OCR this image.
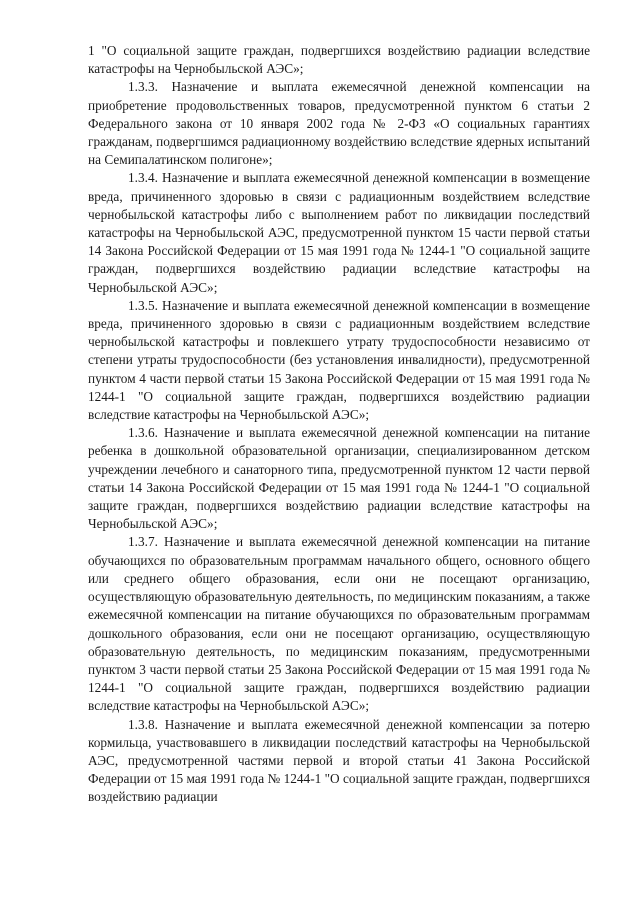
1 "О социальной защите граждан, подвергшихся воздействию радиации вследствие катастрофы на Чернобыльской АЭС»;

1.3.3. Назначение и выплата ежемесячной денежной компенсации на приобретение продовольственных товаров, предусмотренной пунктом 6 статьи 2 Федерального закона от 10 января 2002 года № 2-ФЗ «О социальных гарантиях гражданам, подвергшимся радиационному воздействию вследствие ядерных испытаний на Семипалатинском полигоне»;

1.3.4. Назначение и выплата ежемесячной денежной компенсации в возмещение вреда, причиненного здоровью в связи с радиационным воздействием вследствие чернобыльской катастрофы либо с выполнением работ по ликвидации последствий катастрофы на Чернобыльской АЭС, предусмотренной пунктом 15 части первой статьи 14 Закона Российской Федерации от 15 мая 1991 года № 1244-1 "О социальной защите граждан, подвергшихся воздействию радиации вследствие катастрофы на Чернобыльской АЭС»;

1.3.5. Назначение и выплата ежемесячной денежной компенсации в возмещение вреда, причиненного здоровью в связи с радиационным воздействием вследствие чернобыльской катастрофы и повлекшего утрату трудоспособности независимо от степени утраты трудоспособности (без установления инвалидности), предусмотренной пунктом 4 части первой статьи 15 Закона Российской Федерации от 15 мая 1991 года № 1244-1 "О социальной защите граждан, подвергшихся воздействию радиации вследствие катастрофы на Чернобыльской АЭС»;

1.3.6. Назначение и выплата ежемесячной денежной компенсации на питание ребенка в дошкольной образовательной организации, специализированном детском учреждении лечебного и санаторного типа, предусмотренной пунктом 12 части первой статьи 14 Закона Российской Федерации от 15 мая 1991 года № 1244-1 "О социальной защите граждан, подвергшихся воздействию радиации вследствие катастрофы на Чернобыльской АЭС»;

1.3.7. Назначение и выплата ежемесячной денежной компенсации на питание обучающихся по образовательным программам начального общего, основного общего или среднего общего образования, если они не посещают организацию, осуществляющую образовательную деятельность, по медицинским показаниям, а также ежемесячной компенсации на питание обучающихся по образовательным программам дошкольного образования, если они не посещают организацию, осуществляющую образовательную деятельность, по медицинским показаниям, предусмотренными пунктом 3 части первой статьи 25 Закона Российской Федерации от 15 мая 1991 года № 1244-1 "О социальной защите граждан, подвергшихся воздействию радиации вследствие катастрофы на Чернобыльской АЭС»;

1.3.8. Назначение и выплата ежемесячной денежной компенсации за потерю кормильца, участвовавшего в ликвидации последствий катастрофы на Чернобыльской АЭС, предусмотренной частями первой и второй статьи 41 Закона Российской Федерации от 15 мая 1991 года № 1244-1 "О социальной защите граждан, подвергшихся воздействию радиации
